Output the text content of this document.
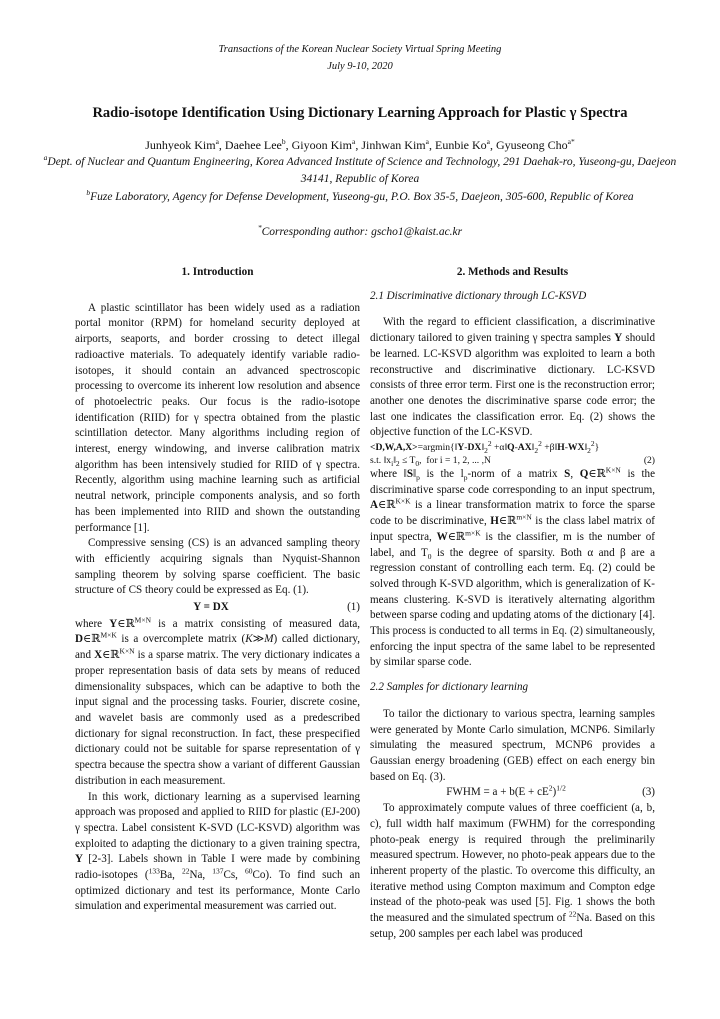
Transactions of the Korean Nuclear Society Virtual Spring Meeting
July 9-10, 2020
Radio-isotope Identification Using Dictionary Learning Approach for Plastic γ Spectra
Junhyeok Kim$^a$, Daehee Lee$^b$, Giyoon Kim$^a$, Jinhwan Kim$^a$, Eunbie Ko$^a$, Gyuseong Cho$^{a*}$
$^a$Dept. of Nuclear and Quantum Engineering, Korea Advanced Institute of Science and Technology, 291 Daehak-ro, Yuseong-gu, Daejeon 34141, Republic of Korea
$^b$Fuze Laboratory, Agency for Defense Development, Yuseong-gu, P.O. Box 35-5, Daejeon, 305-600, Republic of Korea
*Corresponding author: gscho1@kaist.ac.kr
1. Introduction

A plastic scintillator has been widely used as a radiation portal monitor (RPM) for homeland security deployed at airports, seaports, and border crossing to detect illegal radioactive materials. To adequately identify variable radio-isotopes, it should contain an advanced spectroscopic processing to overcome its inherent low resolution and absence of photoelectric peaks. Our focus is the radio-isotope identification (RIID) for γ spectra obtained from the plastic scintillation detector. Many algorithms including region of interest, energy windowing, and inverse calibration matrix algorithm has been intensively studied for RIID of γ spectra. Recently, algorithm using machine learning such as artificial neutral network, principle components analysis, and so forth has been implemented into RIID and shown the outstanding performance [1].

Compressive sensing (CS) is an advanced sampling theory with efficiently acquiring signals than Nyquist-Shannon sampling theorem by solving sparse coefficient. The basic structure of CS theory could be expressed as Eq. (1).

Y = DX	(1)

where Y∈ℝ$^{M\times N}$ is a matrix consisting of measured data, D∈ℝ$^{M\times K}$ is a overcomplete matrix (K≫M) called dictionary, and X∈ℝ$^{K\times N}$ is a sparse matrix. The very dictionary indicates a proper representation basis of data sets by means of reduced dimensionality subspaces, which can be adaptive to both the input signal and the processing tasks. Fourier, discrete cosine, and wavelet basis are commonly used as a predescribed dictionary for signal reconstruction. In fact, these prespecified dictionary could not be suitable for sparse representation of γ spectra because the spectra show a variant of different Gaussian distribution in each measurement.

In this work, dictionary learning as a supervised learning approach was proposed and applied to RIID for plastic (EJ-200) γ spectra. Label consistent K-SVD (LC-KSVD) algorithm was exploited to adapting the dictionary to a given training spectra, Y [2-3]. Labels shown in Table I were made by combining radio-isotopes ($^{133}$Ba, $^{22}$Na, $^{137}$Cs, $^{60}$Co). To find such an optimized dictionary and test its performance, Monte Carlo simulation and experimental measurement was carried out.

2. Methods and Results
2.1 Discriminative dictionary through LC-KSVD

With the regard to efficient classification, a discriminative dictionary tailored to given training γ spectra samples Y should be learned. LC-KSVD algorithm was exploited to learn a both reconstructive and discriminative dictionary. LC-KSVD consists of three error term. First one is the reconstruction error; another one denotes the discriminative sparse code error; the last one indicates the classification error. Eq. (2) shows the objective function of the LC-KSVD.

$<D,W,A,X>=argmin\{‖Y-DX‖_2^2$ $+\alpha‖Q-AX‖_2^2$ $+\beta‖H-WX‖_2^2$}
s.t. $‖x_i‖_2 \le T_0$,  for i = 1, 2, ... ,N	(2)

where $‖S‖_p$ is the $l_p$-norm of a matrix S, Q∈ℝ$^{K\times N}$ is the discriminative sparse code corresponding to an input spectrum, A∈ℝ$^{K\times K}$ is a linear transformation matrix to force the sparse code to be discriminative, H∈ℝ$^{m\times N}$ is the class label matrix of input spectra, W∈ℝ$^{m\times K}$ is the classifier, m is the number of label, and $T_0$ is the degree of sparsity. Both α and β are a regression constant of controlling each term. Eq. (2) could be solved through K-SVD algorithm, which is generalization of K-means clustering. K-SVD is iteratively alternating algorithm between sparse coding and updating atoms of the dictionary [4]. This process is conducted to all terms in Eq. (2) simultaneously, enforcing the input spectra of the same label to be represented by similar sparse code.

2.2 Samples for dictionary learning

To tailor the dictionary to various spectra, learning samples were generated by Monte Carlo simulation, MCNP6. Similarly simulating the measured spectrum, MCNP6 provides a Gaussian energy broadening (GEB) effect on each energy bin based on Eq. (3).

FWHM = $a + b(E + cE^2)^{1/2}$	(3)

To approximately compute values of three coefficient (a, b, c), full width half maximum (FWHM) for the corresponding photo-peak energy is required through the preliminarily measured spectrum. However, no photo-peak appears due to the inherent property of the plastic. To overcome this difficulty, an iterative method using Compton maximum and Compton edge instead of the photo-peak was used [5]. Fig. 1 shows the both the measured and the simulated spectrum of $^{22}$Na. Based on this setup, 200 samples per each label was produced
